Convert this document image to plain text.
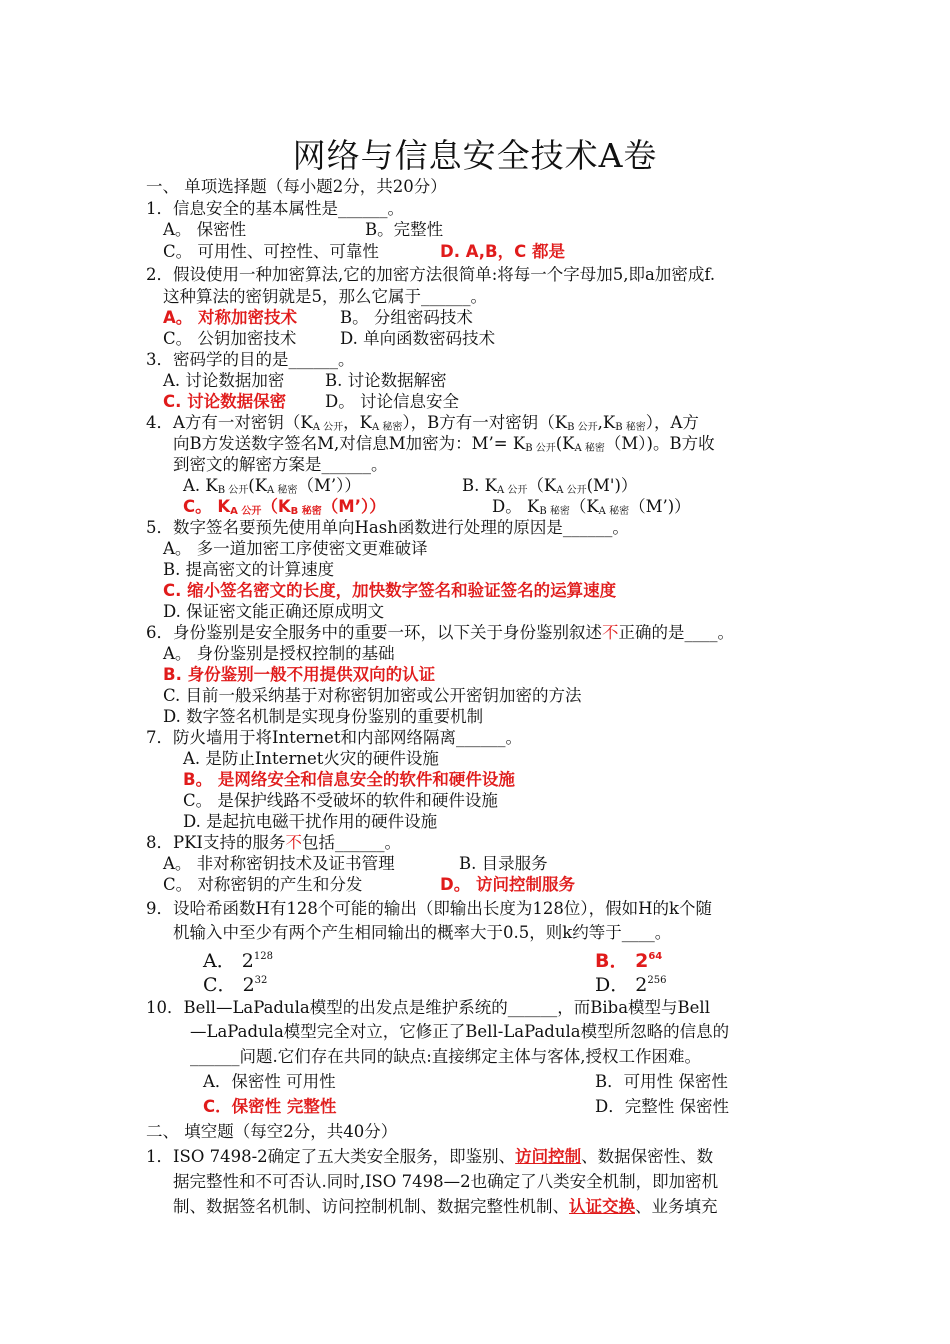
网络与信息安全技术A卷
一、 单项选择题（每小题2分，共20分）
1．信息安全的基本属性是______。
A。 保密性	B。完整性
C。 可用性、可控性、可靠性	D. A,B，C 都是
2．假设使用一种加密算法,它的加密方法很简单:将每一个字母加5,即a加密成f.
这种算法的密钥就是5，那么它属于______。
A。 对称加密技术	B。 分组密码技术
C。 公钥加密技术	D. 单向函数密码技术
3．密码学的目的是______。
A. 讨论数据加密 B. 讨论数据解密
C. 讨论数据保密 D。 讨论信息安全
4．A方有一对密钥（$K_{A 公开}$，$K_{A 秘密}$），B方有一对密钥$(K_{B 公开},K_{B 秘密})$，A方
向B方发送数字签名M,对信息M加密为：M’= $K_{B 公开}(K_{A 秘密}(M))$。B方收
到密文的解密方案是______。
A. $K_{B 公开}(K_{A 秘密}(M’))$	B. $K_{A 公开}(K_{A 公开}(M'))$
C。 $K_{A 公开}(K_{B 秘密}(M’))$	D。 $K_{B 秘密}(K_{A 秘密}(M’))$
5．数字签名要预先使用单向Hash函数进行处理的原因是______。
A。 多一道加密工序使密文更难破译
B. 提高密文的计算速度
C. 缩小签名密文的长度，加快数字签名和验证签名的运算速度
D. 保证密文能正确还原成明文
6．身份鉴别是安全服务中的重要一环，以下关于身份鉴别叙述不正确的是____。
A。 身份鉴别是授权控制的基础
B. 身份鉴别一般不用提供双向的认证
C. 目前一般采纳基于对称密钥加密或公开密钥加密的方法
D. 数字签名机制是实现身份鉴别的重要机制
7．防火墙用于将Internet和内部网络隔离______。
A. 是防止Internet火灾的硬件设施
B。 是网络安全和信息安全的软件和硬件设施
C。 是保护线路不受破坏的软件和硬件设施
D. 是起抗电磁干扰作用的硬件设施
8．PKI支持的服务不包括______。
A。 非对称密钥技术及证书管理	B. 目录服务
C。 对称密钥的产生和分发	D。 访问控制服务
9．设哈希函数H有128个可能的输出（即输出长度为128位），假如H的k个随
机输入中至少有两个产生相同输出的概率大于0.5，则k约等于____。
A． $2^{128}$	B． $2^{64}$
C． $2^{32}$	D． $2^{256}$
10．Bell—LaPadula模型的出发点是维护系统的______，而Biba模型与Bell
—LaPadula模型完全对立，它修正了Bell-LaPadula模型所忽略的信息的
______问题.它们存在共同的缺点:直接绑定主体与客体,授权工作困难。
A．保密性 可用性	B．可用性 保密性
C．保密性 完整性	D．完整性 保密性
二、 填空题（每空2分，共40分）
1．ISO 7498-2确定了五大类安全服务，即鉴别、访问控制、数据保密性、数
据完整性和不可否认.同时,ISO 7498—2也确定了八类安全机制，即加密机
制、数据签名机制、访问控制机制、数据完整性机制、认证交换、业务填充
